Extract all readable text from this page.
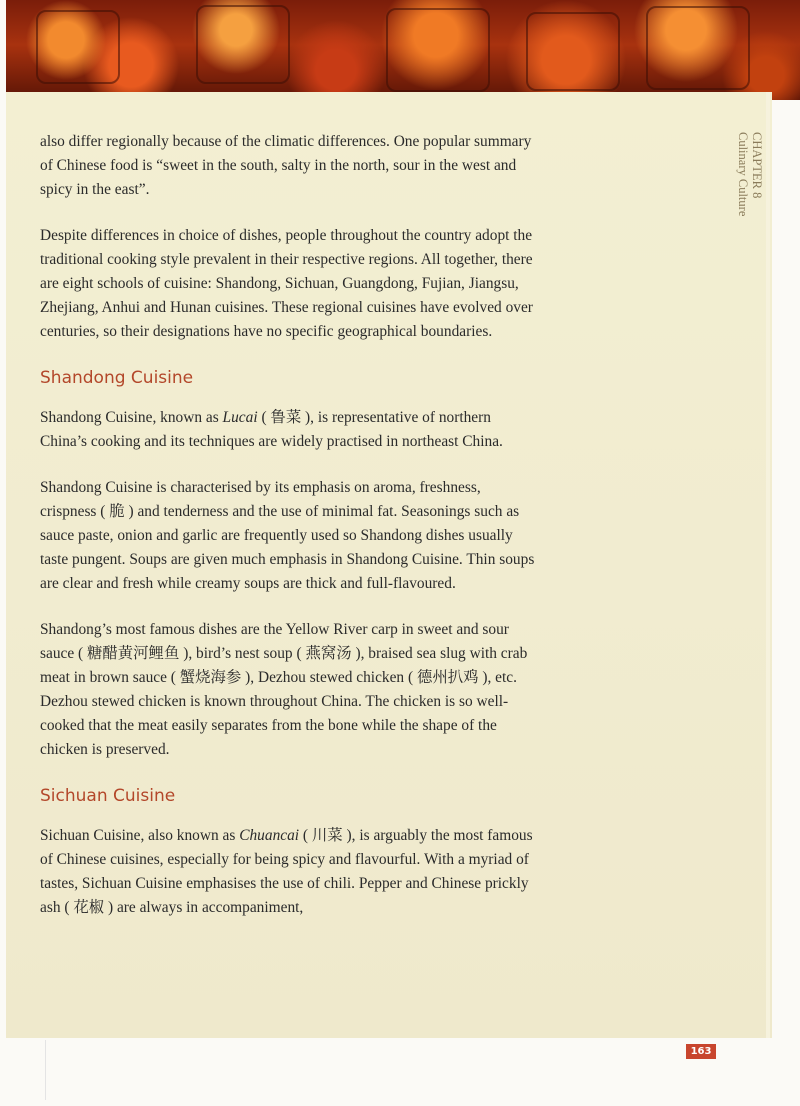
CHAPTER 8
Culinary Culture

also differ regionally because of the climatic differences. One popular summary of Chinese food is “sweet in the south, salty in the north, sour in the west and spicy in the east”.

Despite differences in choice of dishes, people throughout the country adopt the traditional cooking style prevalent in their respective regions. All together, there are eight schools of cuisine: Shandong, Sichuan, Guangdong, Fujian, Jiangsu, Zhejiang, Anhui and Hunan cuisines. These regional cuisines have evolved over centuries, so their designations have no specific geographical boundaries.

Shandong Cuisine

Shandong Cuisine, known as Lucai ( 鲁菜 ), is representative of northern China’s cooking and its techniques are widely practised in northeast China.

Shandong Cuisine is characterised by its emphasis on aroma, freshness, crispness ( 脆 ) and tenderness and the use of minimal fat. Seasonings such as sauce paste, onion and garlic are frequently used so Shandong dishes usually taste pungent. Soups are given much emphasis in Shandong Cuisine. Thin soups are clear and fresh while creamy soups are thick and full-flavoured.

Shandong’s most famous dishes are the Yellow River carp in sweet and sour sauce ( 糖醋黄河鲤鱼 ), bird’s nest soup ( 燕窝汤 ), braised sea slug with crab meat in brown sauce ( 蟹烧海参 ), Dezhou stewed chicken ( 德州扒鸡 ), etc. Dezhou stewed chicken is known throughout China. The chicken is so well-cooked that the meat easily separates from the bone while the shape of the chicken is preserved.

Sichuan Cuisine

Sichuan Cuisine, also known as Chuancai ( 川菜 ), is arguably the most famous of Chinese cuisines, especially for being spicy and flavourful. With a myriad of tastes, Sichuan Cuisine emphasises the use of chili. Pepper and Chinese prickly ash ( 花椒 ) are always in accompaniment,

163
